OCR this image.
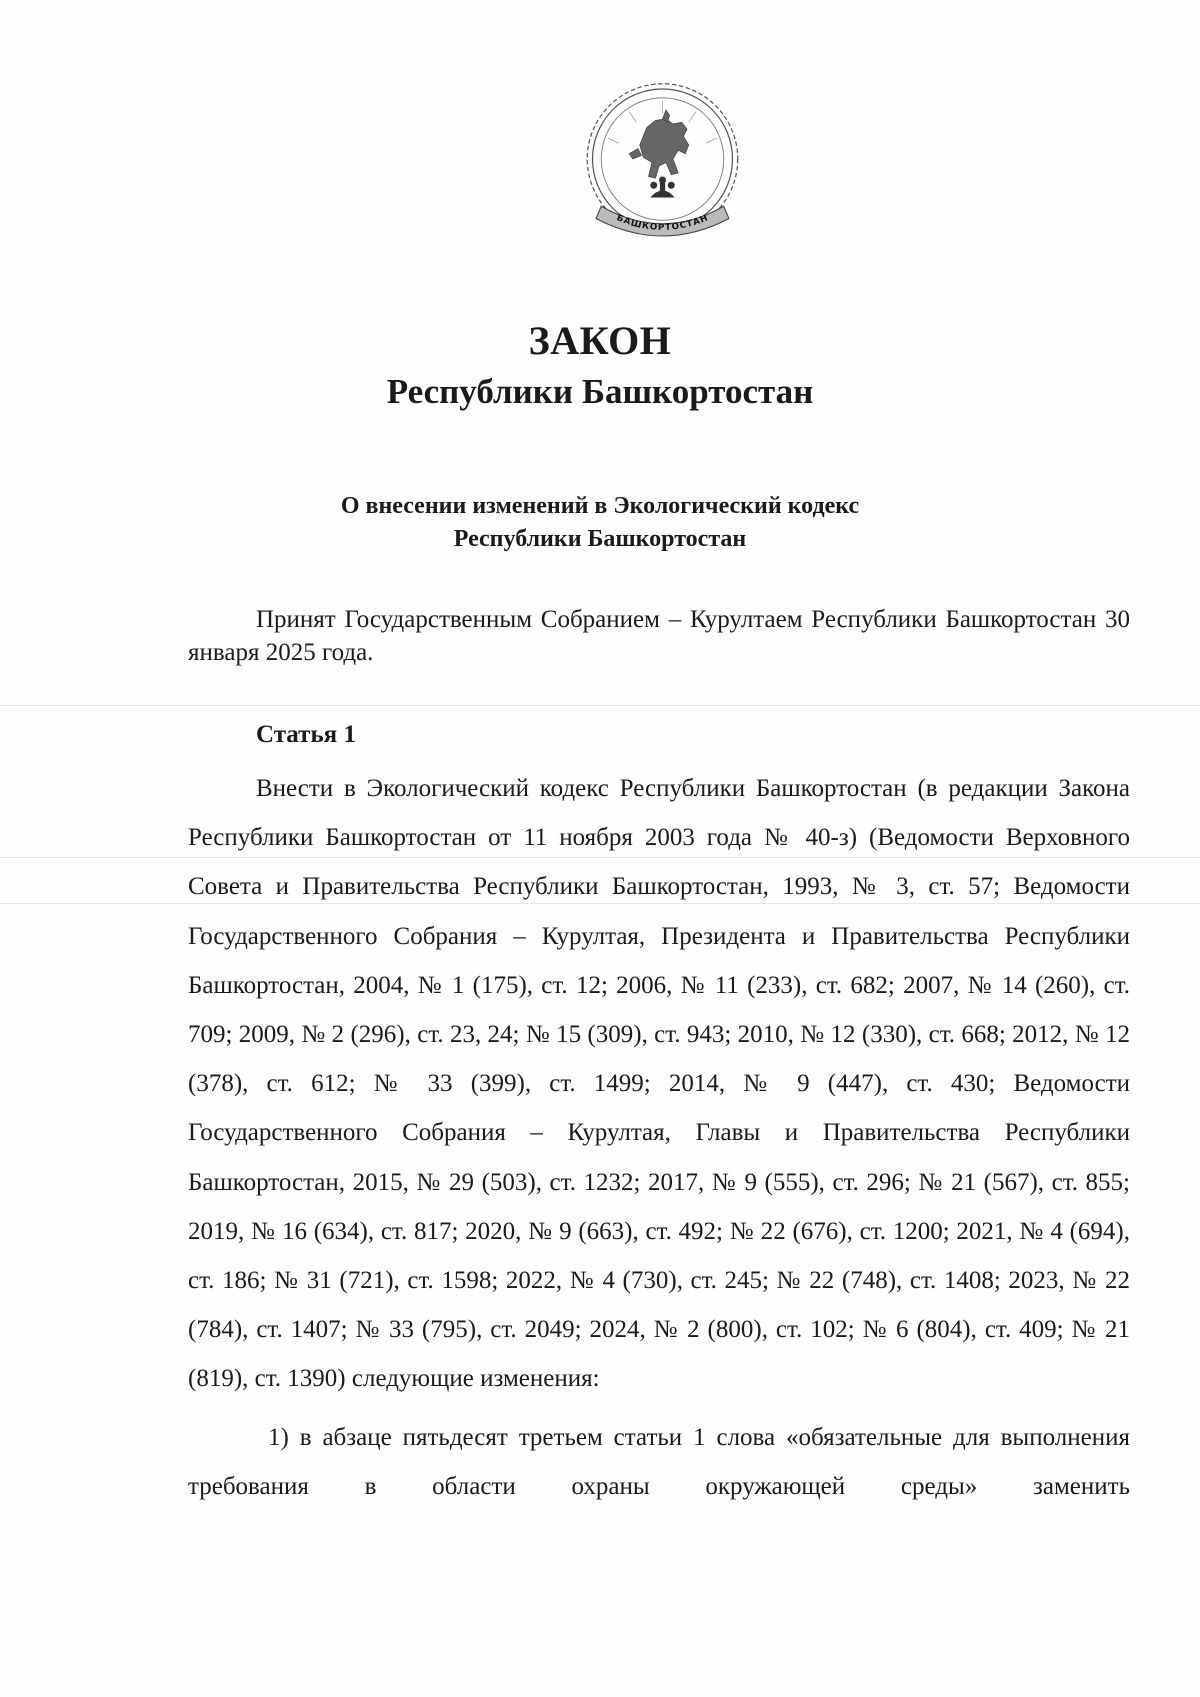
БАШКОРТОСТАН
ЗАКОН
Республики Башкортостан
О внесении изменений в Экологический кодекс
Республики Башкортостан
Принят Государственным Собранием – Курултаем Республики Башкортостан 30 января 2025 года.
Статья 1
Внести в Экологический кодекс Республики Башкортостан (в редакции Закона Республики Башкортостан от 11 ноября 2003 года № 40-з) (Ведомости Верховного Совета и Правительства Республики Башкортостан, 1993, № 3, ст. 57; Ведомости Государственного Собрания – Курултая, Президента и Правительства Республики Башкортостан, 2004, № 1 (175), ст. 12; 2006, № 11 (233), ст. 682; 2007, № 14 (260), ст. 709; 2009, № 2 (296), ст. 23, 24; № 15 (309), ст. 943; 2010, № 12 (330), ст. 668; 2012, № 12 (378), ст. 612; № 33 (399), ст. 1499; 2014, № 9 (447), ст. 430; Ведомости Государственного Собрания – Курултая, Главы и Правительства Республики Башкортостан, 2015, № 29 (503), ст. 1232; 2017, № 9 (555), ст. 296; № 21 (567), ст. 855; 2019, № 16 (634), ст. 817; 2020, № 9 (663), ст. 492; № 22 (676), ст. 1200; 2021, № 4 (694), ст. 186; № 31 (721), ст. 1598; 2022, № 4 (730), ст. 245; № 22 (748), ст. 1408; 2023, № 22 (784), ст. 1407; № 33 (795), ст. 2049; 2024, № 2 (800), ст. 102; № 6 (804), ст. 409; № 21 (819), ст. 1390) следующие изменения:
1) в абзаце пятьдесят третьем статьи 1 слова «обязательные для выполнения требования в области охраны окружающей среды» заменить
